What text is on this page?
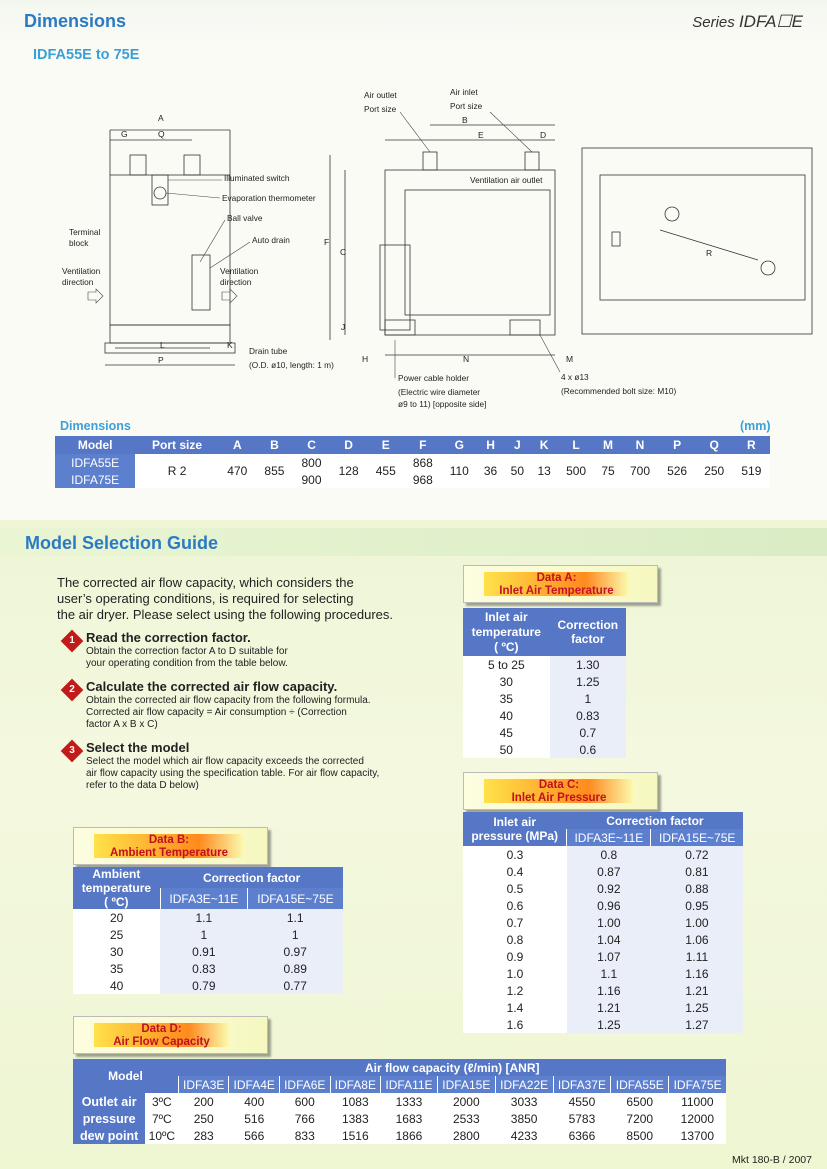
Dimensions	Series IDFA☐E
IDFA55E to 75E
A
G	Q
L	K
P
B
E	D
C
F
J
H	N	M
R
Illuminated switch
Evaporation thermometer
Ball valve
Auto drain
Terminal
block
Ventilation
direction
Ventilation
direction
Drain tube
(O.D. ø10, length: 1 m)
Air outlet
Port size
Air inlet
Port size
Ventilation air outlet
Power cable holder
(Electric wire diameter
ø9 to 11) [opposite side]
4 x ø13
(Recommended bolt size: M10)
Dimensions	(mm)
Model	Port size	A	B	C	D	E	F	G	H	J	K	L	M	N	P	Q	R
IDFA55E	R 2	470	855	800	128	455	868	110	36	50	13	500	75	700	526	250	519
IDFA75E				900			968										
Model Selection Guide
The corrected air flow capacity, which considers the
user’s operating conditions, is required for selecting
the air dryer. Please select using the following procedures.
1 Read the correction factor.
Obtain the correction factor A to D suitable for
your operating condition from the table below.
2 Calculate the corrected air flow capacity.
Obtain the corrected air flow capacity from the following formula.
Corrected air flow capacity = Air consumption ÷ (Correction
factor A x B x C)
3 Select the model
Select the model which air flow capacity exceeds the corrected
air flow capacity using the specification table. For air flow capacity,
refer to the data D below)
Data A:
Inlet Air Temperature
Inlet air
temperature
( ºC)	Correction
factor
5 to 25	1.30
30	1.25
35	1
40	0.83
45	0.7
50	0.6
Data B:
Ambient Temperature
Ambient
temperature
( ºC)	Correction factor	
	IDFA3E~11E	IDFA15E~75E
20	1.1	1.1
25	1	1
30	0.91	0.97
35	0.83	0.89
40	0.79	0.77
Data C:
Inlet Air Pressure
Inlet air
pressure (MPa)	Correction factor	
	IDFA3E~11E	IDFA15E~75E
0.3	0.8	0.72
0.4	0.87	0.81
0.5	0.92	0.88
0.6	0.96	0.95
0.7	1.00	1.00
0.8	1.04	1.06
0.9	1.07	1.11
1.0	1.1	1.16
1.2	1.16	1.21
1.4	1.21	1.25
1.6	1.25	1.27
Data D:
Air Flow Capacity
Model		Air flow capacity (ℓ/min) [ANR]									
		IDFA3E	IDFA4E	IDFA6E	IDFA8E	IDFA11E	IDFA15E	IDFA22E	IDFA37E	IDFA55E	IDFA75E
Outlet air	3ºC	200	400	600	1083	1333	2000	3033	4550	6500	11000
pressure	7ºC	250	516	766	1383	1683	2533	3850	5783	7200	12000
dew point	10ºC	283	566	833	1516	1866	2800	4233	6366	8500	13700
Mkt 180-B / 2007
